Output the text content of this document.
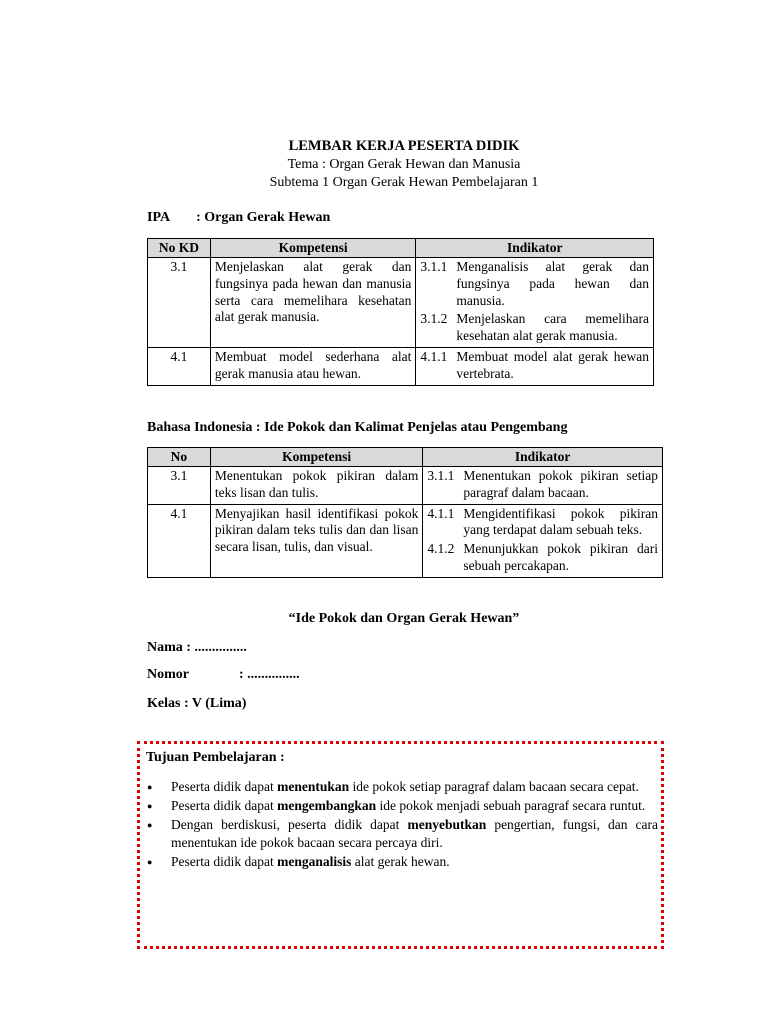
LEMBAR KERJA PESERTA DIDIK
Tema : Organ Gerak Hewan dan Manusia
Subtema 1 Organ Gerak Hewan Pembelajaran 1
IPA : Organ Gerak Hewan
No KD	Kompetensi	Indikator
3.1	Menjelaskan alat gerak dan fungsinya pada hewan dan manusia serta cara memelihara kesehatan alat gerak manusia.	3.1.1 Menganalisis alat gerak dan fungsinya pada hewan dan manusia.
3.1.2 Menjelaskan cara memelihara kesehatan alat gerak manusia.

4.1	Membuat model sederhana alat gerak manusia atau hewan.	4.1.1 Membuat model alat gerak hewan vertebrata.
Bahasa Indonesia : Ide Pokok dan Kalimat Penjelas atau Pengembang
No	Kompetensi	Indikator
3.1	Menentukan pokok pikiran dalam teks lisan dan tulis.	3.1.1 Menentukan pokok pikiran setiap paragraf dalam bacaan.

4.1	Menyajikan hasil identifikasi pokok pikiran dalam teks tulis dan dan lisan secara lisan, tulis, dan visual.	4.1.1 Mengidentifikasi pokok pikiran yang terdapat dalam sebuah teks.
4.1.2 Menunjukkan pokok pikiran dari sebuah percakapan.
“Ide Pokok dan Organ Gerak Hewan”
Nama : ...............
Nomor	: ...............
Kelas : V (Lima)
Tujuan Pembelajaran :
● Peserta didik dapat menentukan ide pokok setiap paragraf dalam bacaan secara cepat.
● Peserta didik dapat mengembangkan ide pokok menjadi sebuah paragraf secara runtut.
● Dengan berdiskusi, peserta didik dapat menyebutkan pengertian, fungsi, dan cara menentukan ide pokok bacaan secara percaya diri.
● Peserta didik dapat menganalisis alat gerak hewan.
